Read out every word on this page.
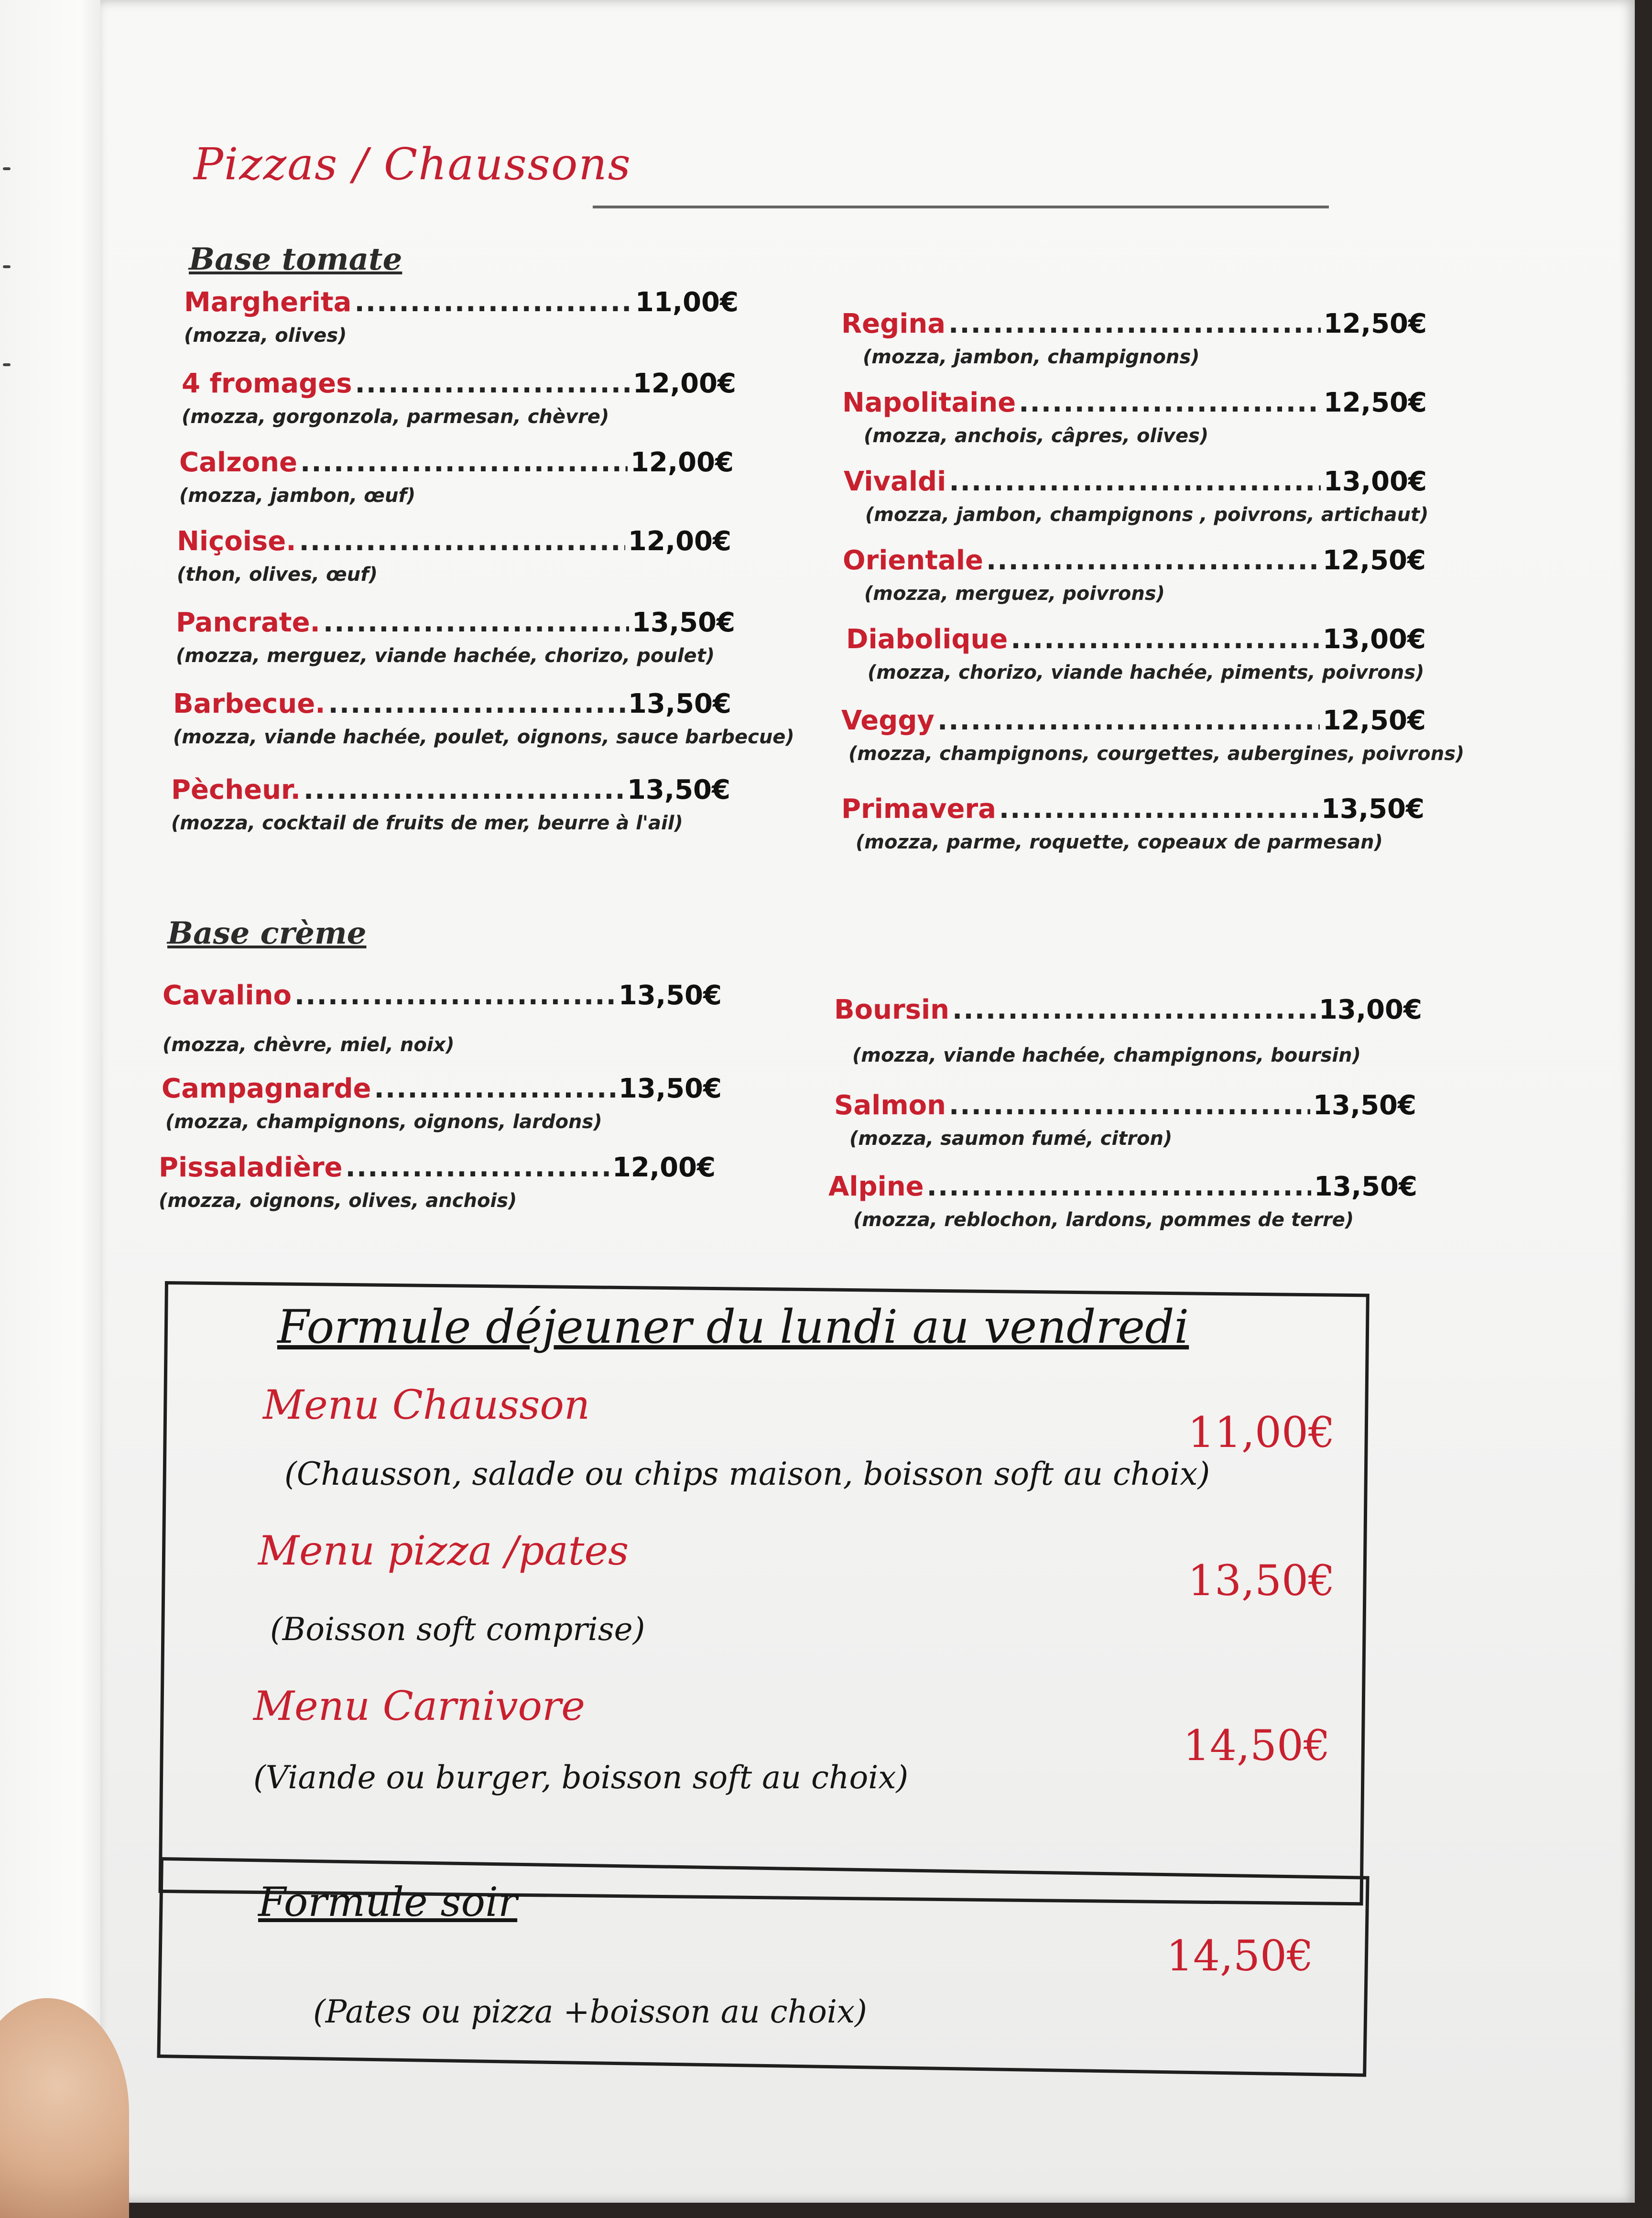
Pizzas / Chaussons
Base tomate
Margherita .....	11,00€
(mozza, olives)
4 fromages .....	12,00€
(mozza, gorgonzola, parmesan, chèvre)
Calzone .....	12,00€
(mozza, jambon, œuf)
Niçoise. .....	12,00€
(thon, olives, œuf)
Pancrate. .....	13,50€
(mozza, merguez, viande hachée, chorizo, poulet)
Barbecue. .....	13,50€
(mozza, viande hachée, poulet, oignons, sauce barbecue)
Pècheur. .....	13,50€
(mozza, cocktail de fruits de mer, beurre à l'ail)
Regina .....	12,50€
(mozza, jambon, champignons)
Napolitaine .....	12,50€
(mozza, anchois, câpres, olives)
Vivaldi .....	13,00€
(mozza, jambon, champignons , poivrons, artichaut)
Orientale .....	12,50€
(mozza, merguez, poivrons)
Diabolique .....	13,00€
(mozza, chorizo, viande hachée, piments, poivrons)
Veggy .....	12,50€
(mozza, champignons, courgettes, aubergines, poivrons)
Primavera .....	13,50€
(mozza, parme, roquette, copeaux de parmesan)
Base crème
Cavalino .....	13,50€
(mozza, chèvre, miel, noix)
Campagnarde .....	13,50€
(mozza, champignons, oignons, lardons)
Pissaladière .....	12,00€
(mozza, oignons, olives, anchois)
Boursin .....	13,00€
(mozza, viande hachée, champignons, boursin)
Salmon .....	13,50€
(mozza, saumon fumé, citron)
Alpine .....	13,50€
(mozza, reblochon, lardons, pommes de terre)
Formule déjeuner du lundi au vendredi
Menu Chausson
11,00€
(Chausson, salade ou chips maison, boisson soft au choix)
Menu pizza /pates
13,50€
(Boisson soft comprise)
Menu Carnivore
14,50€
(Viande ou burger, boisson soft au choix)
Formule soir
14,50€
(Pates ou pizza +boisson au choix)
